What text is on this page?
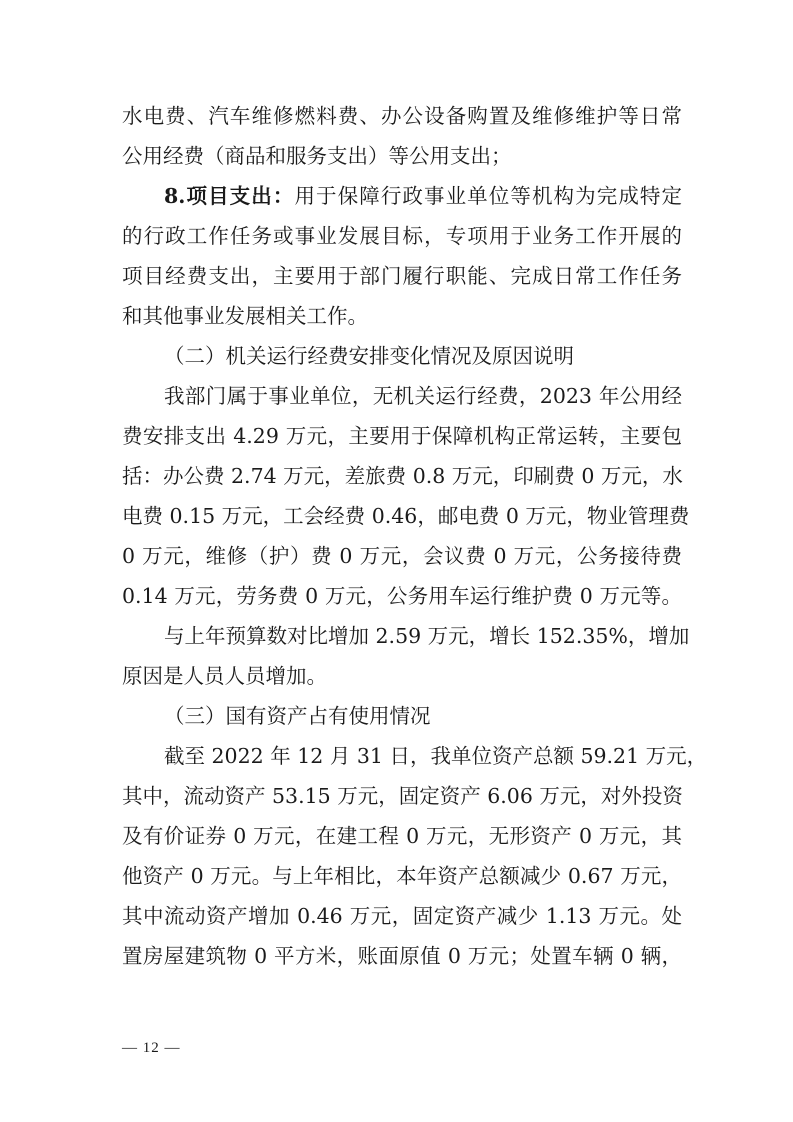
水电费、汽车维修燃料费、办公设备购置及维修维护等日常
公用经费（商品和服务支出）等公用支出；
8.项目支出：用于保障行政事业单位等机构为完成特定
的行政工作任务或事业发展目标，专项用于业务工作开展的
项目经费支出，主要用于部门履行职能、完成日常工作任务
和其他事业发展相关工作。
（二）机关运行经费安排变化情况及原因说明
我部门属于事业单位，无机关运行经费，2023 年公用经
费安排支出 4.29 万元，主要用于保障机构正常运转，主要包
括：办公费 2.74 万元，差旅费 0.8 万元，印刷费 0 万元，水
电费 0.15 万元，工会经费 0.46，邮电费 0 万元，物业管理费
0 万元，维修（护）费 0 万元，会议费 0 万元，公务接待费
0.14 万元，劳务费 0 万元，公务用车运行维护费 0 万元等。
与上年预算数对比增加 2.59 万元，增长 152.35%，增加
原因是人员人员增加。
（三）国有资产占有使用情况
截至 2022 年 12 月 31 日，我单位资产总额 59.21 万元，
其中，流动资产 53.15 万元，固定资产 6.06 万元，对外投资
及有价证券 0 万元，在建工程 0 万元，无形资产 0 万元，其
他资产 0 万元。与上年相比，本年资产总额减少 0.67 万元，
其中流动资产增加 0.46 万元，固定资产减少 1.13 万元。处
置房屋建筑物 0 平方米，账面原值 0 万元；处置车辆 0 辆，
— 12 —
